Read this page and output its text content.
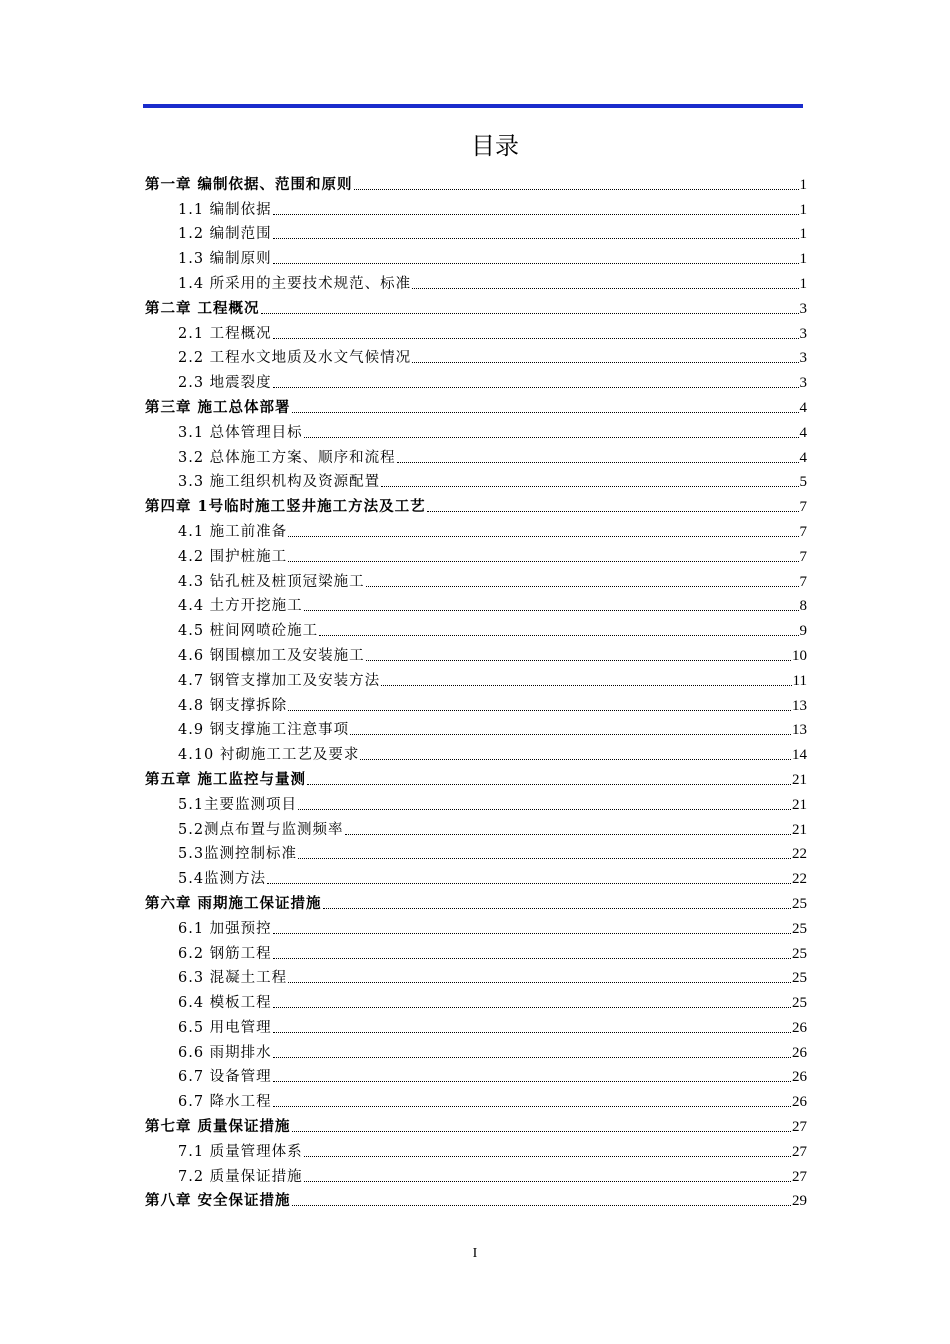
目录
第一章 编制依据、范围和原则	1
1.1 编制依据	1
1.2 编制范围	1
1.3 编制原则	1
1.4 所采用的主要技术规范、标准	1
第二章 工程概况	3
2.1 工程概况	3
2.2 工程水文地质及水文气候情况	3
2.3 地震裂度	3
第三章 施工总体部署	4
3.1 总体管理目标	4
3.2 总体施工方案、顺序和流程	4
3.3 施工组织机构及资源配置	5
第四章 1号临时施工竖井施工方法及工艺	7
4.1 施工前准备	7
4.2 围护桩施工	7
4.3 钻孔桩及桩顶冠梁施工	7
4.4 土方开挖施工	8
4.5 桩间网喷砼施工	9
4.6 钢围檩加工及安装施工	10
4.7 钢管支撑加工及安装方法	11
4.8 钢支撑拆除	13
4.9 钢支撑施工注意事项	13
4.10 衬砌施工工艺及要求	14
第五章 施工监控与量测	21
5.1主要监测项目	21
5.2测点布置与监测频率	21
5.3监测控制标准	22
5.4监测方法	22
第六章 雨期施工保证措施	25
6.1 加强预控	25
6.2 钢筋工程	25
6.3 混凝土工程	25
6.4 模板工程	25
6.5 用电管理	26
6.6 雨期排水	26
6.7 设备管理	26
6.7 降水工程	26
第七章 质量保证措施	27
7.1 质量管理体系	27
7.2 质量保证措施	27
第八章 安全保证措施	29
I
